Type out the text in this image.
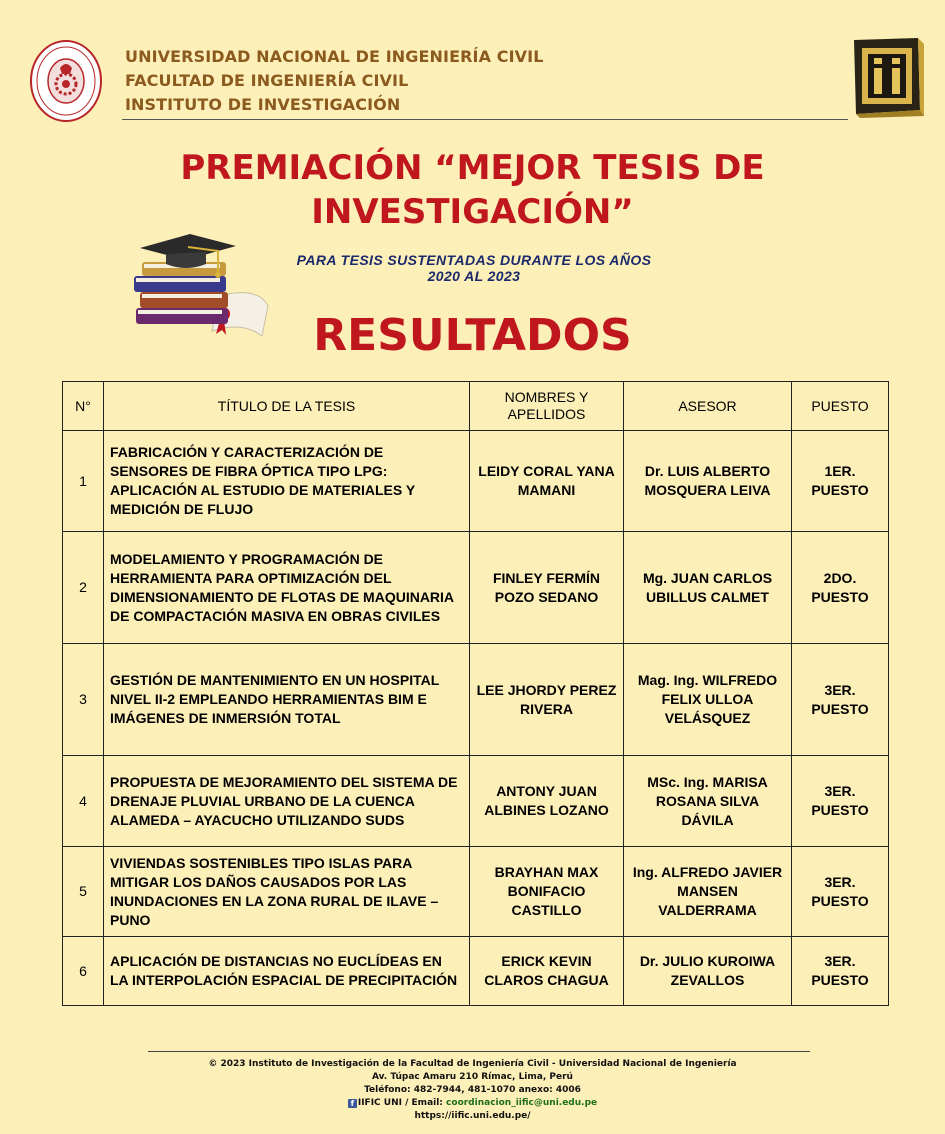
UNIVERSIDAD NACIONAL DE INGENIERÍA CIVIL
FACULTAD DE INGENIERÍA CIVIL
INSTITUTO DE INVESTIGACIÓN
PREMIACIÓN “MEJOR TESIS DE
INVESTIGACIÓN”
PARA TESIS SUSTENTADAS DURANTE LOS AÑOS
2020 AL 2023
RESULTADOS
N°	TÍTULO DE LA TESIS	NOMBRES Y APELLIDOS	ASESOR	PUESTO
1	FABRICACIÓN Y CARACTERIZACIÓN DE SENSORES DE FIBRA ÓPTICA TIPO LPG: APLICACIÓN AL ESTUDIO DE MATERIALES Y MEDICIÓN DE FLUJO	LEIDY CORAL YANA MAMANI	Dr. LUIS ALBERTO MOSQUERA LEIVA	1ER. PUESTO
2	MODELAMIENTO Y PROGRAMACIÓN DE HERRAMIENTA PARA OPTIMIZACIÓN DEL DIMENSIONAMIENTO DE FLOTAS DE MAQUINARIA DE COMPACTACIÓN MASIVA EN OBRAS CIVILES	FINLEY FERMÍN POZO SEDANO	Mg. JUAN CARLOS UBILLUS CALMET	2DO. PUESTO
3	GESTIÓN DE MANTENIMIENTO EN UN HOSPITAL NIVEL II-2 EMPLEANDO HERRAMIENTAS BIM E IMÁGENES DE INMERSIÓN TOTAL	LEE JHORDY PEREZ RIVERA	Mag. Ing. WILFREDO FELIX ULLOA VELÁSQUEZ	3ER. PUESTO
4	PROPUESTA DE MEJORAMIENTO DEL SISTEMA DE DRENAJE PLUVIAL URBANO DE LA CUENCA ALAMEDA – AYACUCHO UTILIZANDO SUDS	ANTONY JUAN ALBINES LOZANO	MSc. Ing. MARISA ROSANA SILVA DÁVILA	3ER. PUESTO
5	VIVIENDAS SOSTENIBLES TIPO ISLAS PARA MITIGAR LOS DAÑOS CAUSADOS POR LAS INUNDACIONES EN LA ZONA RURAL DE ILAVE – PUNO	BRAYHAN MAX BONIFACIO CASTILLO	Ing. ALFREDO JAVIER MANSEN VALDERRAMA	3ER. PUESTO
6	APLICACIÓN DE DISTANCIAS NO EUCLÍDEAS EN LA INTERPOLACIÓN ESPACIAL DE PRECIPITACIÓN	ERICK KEVIN CLAROS CHAGUA	Dr. JULIO KUROIWA ZEVALLOS	3ER. PUESTO
© 2023 Instituto de Investigación de la Facultad de Ingeniería Civil - Universidad Nacional de Ingeniería
Av. Túpac Amaru 210 Rímac, Lima, Perú
Teléfono: 482-7944, 481-1070 anexo: 4006
f IIFIC UNI / Email: coordinacion_iific@uni.edu.pe
https://iific.uni.edu.pe/
